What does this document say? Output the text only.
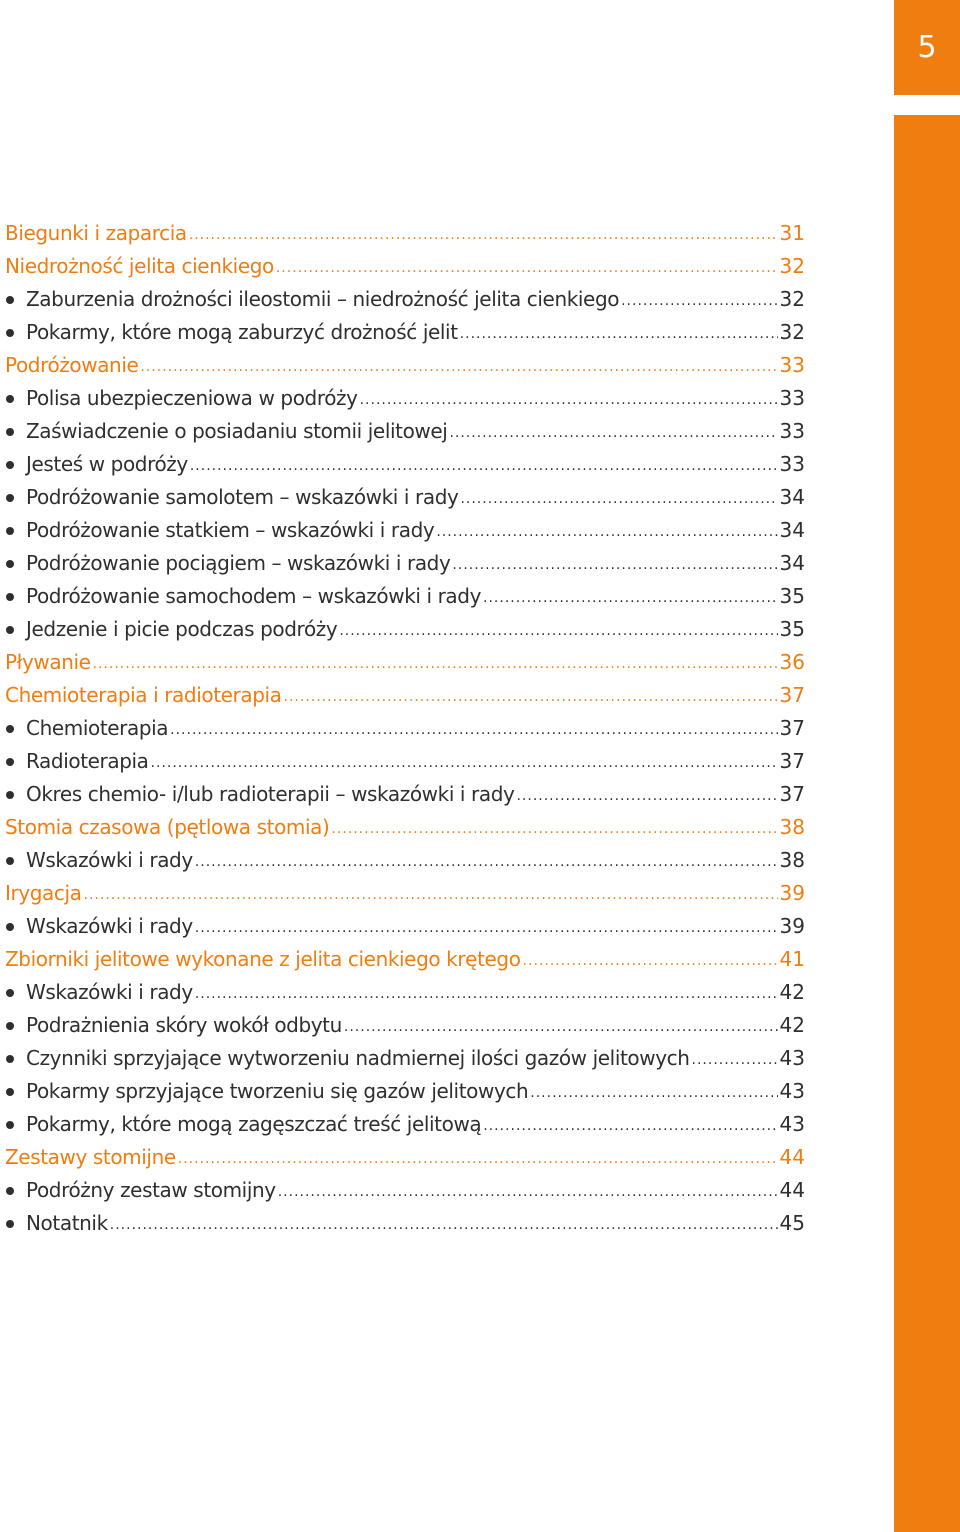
5
Biegunki i zaparcia .....	31
Niedrożność jelita cienkiego .....	32
Zaburzenia drożności ileostomii – niedrożność jelita cienkiego .....	32
Pokarmy, które mogą zaburzyć drożność jelit .....	32
Podróżowanie .....	33
Polisa ubezpieczeniowa w podróży .....	33
Zaświadczenie o posiadaniu stomii jelitowej .....	33
Jesteś w podróży .....	33
Podróżowanie samolotem – wskazówki i rady .....	34
Podróżowanie statkiem – wskazówki i rady .....	34
Podróżowanie pociągiem – wskazówki i rady .....	34
Podróżowanie samochodem – wskazówki i rady .....	35
Jedzenie i picie podczas podróży .....	35
Pływanie .....	36
Chemioterapia i radioterapia .....	37
Chemioterapia .....	37
Radioterapia .....	37
Okres chemio- i/lub radioterapii – wskazówki i rady .....	37
Stomia czasowa (pętlowa stomia) .....	38
Wskazówki i rady .....	38
Irygacja .....	39
Wskazówki i rady .....	39
Zbiorniki jelitowe wykonane z jelita cienkiego krętego .....	41
Wskazówki i rady .....	42
Podrażnienia skóry wokół odbytu .....	42
Czynniki sprzyjające wytworzeniu nadmiernej ilości gazów jelitowych .....	43
Pokarmy sprzyjające tworzeniu się gazów jelitowych .....	43
Pokarmy, które mogą zagęszczać treść jelitową .....	43
Zestawy stomijne .....	44
Podróżny zestaw stomijny .....	44
Notatnik .....	45
